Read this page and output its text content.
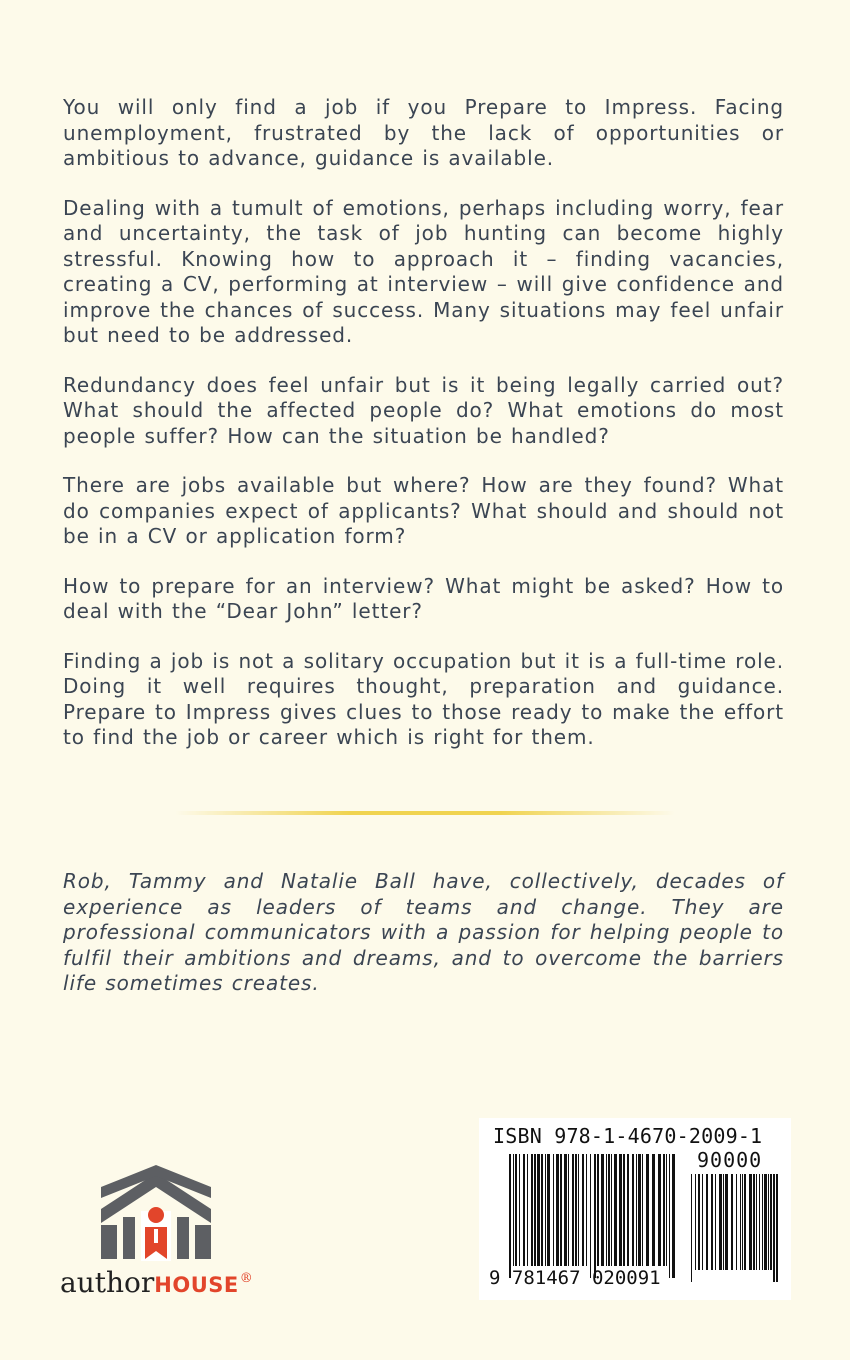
You will only find a job if you Prepare to Impress. Facing unemployment, frustrated by the lack of opportunities or ambitious to advance, guidance is available.

Dealing with a tumult of emotions, perhaps including worry, fear and uncertainty, the task of job hunting can become highly stressful. Knowing how to approach it – finding vacancies, creating a CV, performing at interview – will give confidence and improve the chances of success. Many situations may feel unfair but need to be addressed.

Redundancy does feel unfair but is it being legally carried out? What should the affected people do? What emotions do most people suffer? How can the situation be handled?

There are jobs available but where? How are they found? What do companies expect of applicants? What should and should not be in a CV or application form?

How to prepare for an interview? What might be asked? How to deal with the “Dear John” letter?

Finding a job is not a solitary occupation but it is a full-time role. Doing it well requires thought, preparation and guidance. Prepare to Impress gives clues to those ready to make the effort to find the job or career which is right for them.

Rob, Tammy and Natalie Ball have, collectively, decades of experience as leaders of teams and change. They are professional communicators with a passion for helping people to fulfil their ambitions and dreams, and to overcome the barriers life sometimes creates.

authorHOUSE®
ISBN 978-1-4670-2009-1
90000
9 781467 020091
